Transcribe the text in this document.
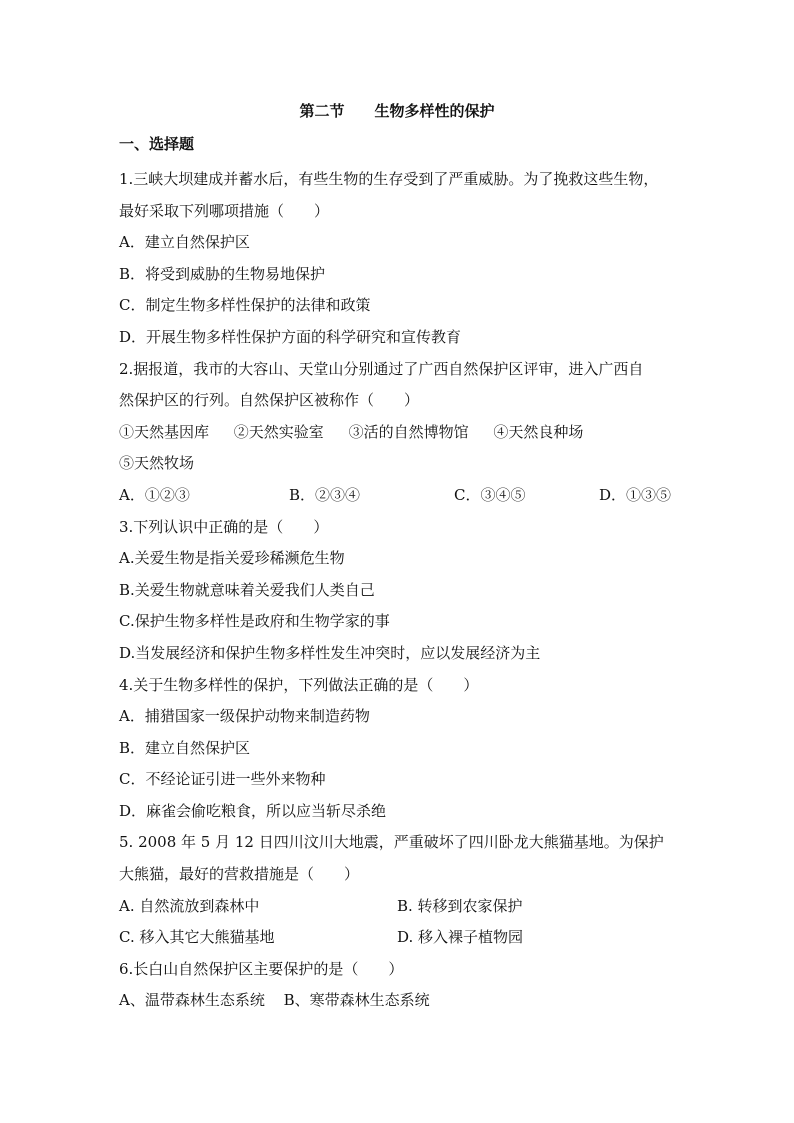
第二节　　生物多样性的保护
一、选择题
1.三峡大坝建成并蓄水后，有些生物的生存受到了严重威胁。为了挽救这些生物，
最好采取下列哪项措施（　　）
A．建立自然保护区
B．将受到威胁的生物易地保护
C．制定生物多样性保护的法律和政策
D．开展生物多样性保护方面的科学研究和宣传教育
2.据报道，我市的大容山、天堂山分别通过了广西自然保护区评审，进入广西自
然保护区的行列。自然保护区被称作（　　）
①天然基因库 ②天然实验室 ③活的自然博物馆 ④天然良种场
⑤天然牧场
A．①②③	B．②③④	C．③④⑤	D．①③⑤
3.下列认识中正确的是（　　）
A.关爱生物是指关爱珍稀濒危生物
B.关爱生物就意味着关爱我们人类自己
C.保护生物多样性是政府和生物学家的事
D.当发展经济和保护生物多样性发生冲突时，应以发展经济为主
4.关于生物多样性的保护，下列做法正确的是（　　）
A．捕猎国家一级保护动物来制造药物
B．建立自然保护区
C．不经论证引进一些外来物种
D．麻雀会偷吃粮食，所以应当斩尽杀绝
5. 2008 年 5 月 12 日四川汶川大地震，严重破坏了四川卧龙大熊猫基地。为保护
大熊猫，最好的营救措施是（　　）
A. 自然流放到森林中	B. 转移到农家保护
C. 移入其它大熊猫基地	D. 移入裸子植物园
6.长白山自然保护区主要保护的是（　　）
A、温带森林生态系统 B、寒带森林生态系统
